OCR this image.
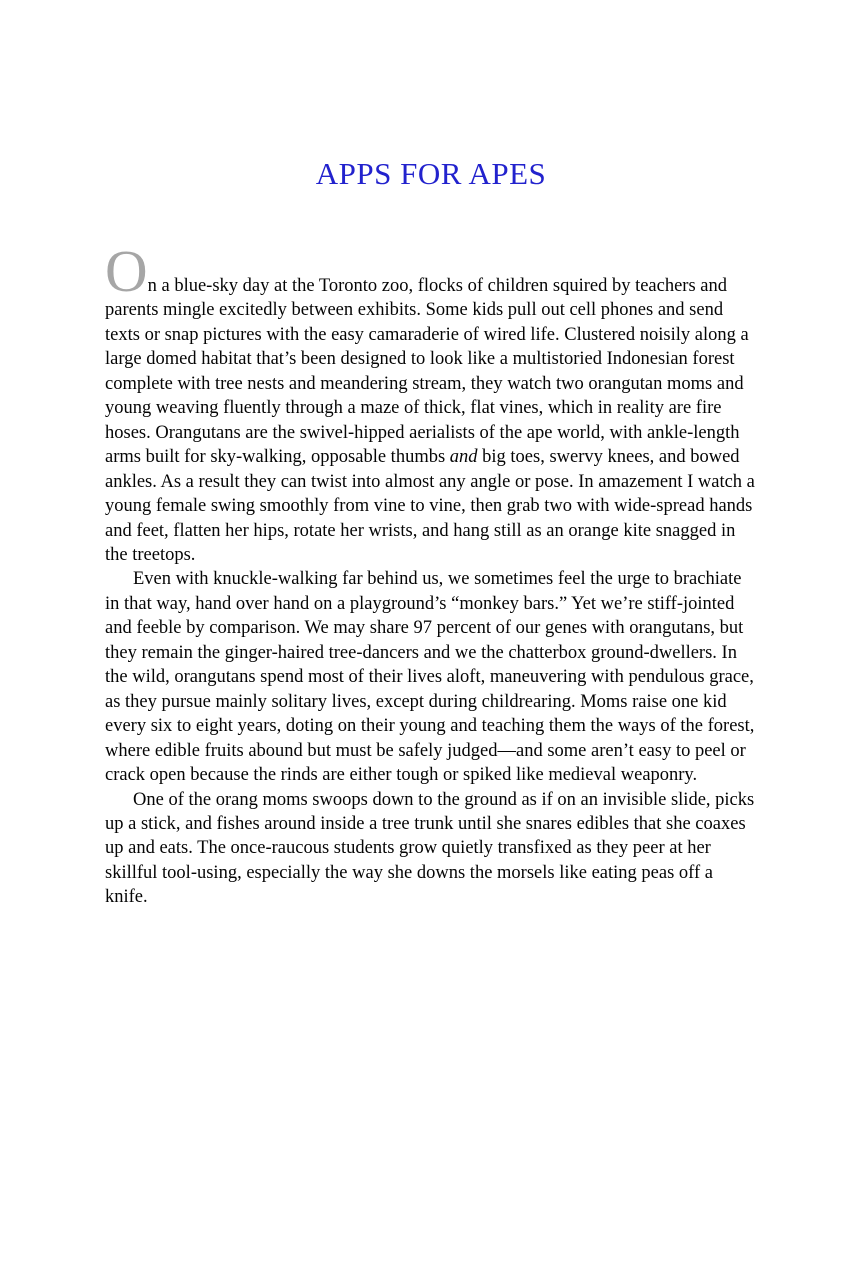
APPS FOR APES

On a blue-sky day at the Toronto zoo, flocks of children squired by teachers and parents mingle excitedly between exhibits. Some kids pull out cell phones and send texts or snap pictures with the easy camaraderie of wired life. Clustered noisily along a large domed habitat that’s been designed to look like a multistoried Indonesian forest complete with tree nests and meandering stream, they watch two orangutan moms and young weaving fluently through a maze of thick, flat vines, which in reality are fire hoses. Orangutans are the swivel-hipped aerialists of the ape world, with ankle-length arms built for sky-walking, opposable thumbs and big toes, swervy knees, and bowed ankles. As a result they can twist into almost any angle or pose. In amazement I watch a young female swing smoothly from vine to vine, then grab two with wide-spread hands and feet, flatten her hips, rotate her wrists, and hang still as an orange kite snagged in the treetops.

Even with knuckle-walking far behind us, we sometimes feel the urge to brachiate in that way, hand over hand on a playground’s “monkey bars.” Yet we’re stiff-jointed and feeble by comparison. We may share 97 percent of our genes with orangutans, but they remain the ginger-haired tree-dancers and we the chatterbox ground-dwellers. In the wild, orangutans spend most of their lives aloft, maneuvering with pendulous grace, as they pursue mainly solitary lives, except during childrearing. Moms raise one kid every six to eight years, doting on their young and teaching them the ways of the forest, where edible fruits abound but must be safely judged—and some aren’t easy to peel or crack open because the rinds are either tough or spiked like medieval weaponry.

One of the orang moms swoops down to the ground as if on an invisible slide, picks up a stick, and fishes around inside a tree trunk until she snares edibles that she coaxes up and eats. The once-raucous students grow quietly transfixed as they peer at her skillful tool-using, especially the way she downs the morsels like eating peas off a knife.
